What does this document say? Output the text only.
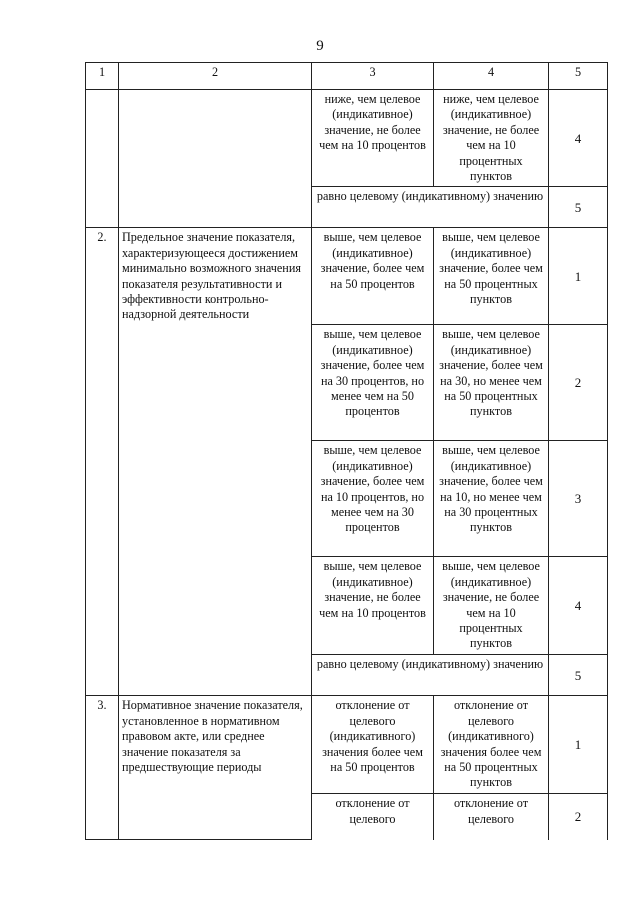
9
1	2	3	4	5
		ниже, чем целевое (индикативное) значение, не более чем на 10 процентов	ниже, чем целевое (индикативное) значение, не более чем на 10 процентных пунктов	4
		равно целевому (индикативному) значению		5
2.	Предельное значение показателя, характеризующееся достижением минимально возможного значения показателя результативности и эффективности контрольно-надзорной деятельности	выше, чем целевое (индикативное) значение, более чем на 50 процентов	выше, чем целевое (индикативное) значение, более чем на 50 процентных пунктов	1
		выше, чем целевое (индикативное) значение, более чем на 30 процентов, но менее чем на 50 процентов	выше, чем целевое (индикативное) значение, более чем на 30, но менее чем на 50 процентных пунктов	2
		выше, чем целевое (индикативное) значение, более чем на 10 процентов, но менее чем на 30 процентов	выше, чем целевое (индикативное) значение, более чем на 10, но менее чем на 30 процентных пунктов	3
		выше, чем целевое (индикативное) значение, не более чем на 10 процентов	выше, чем целевое (индикативное) значение, не более чем на 10 процентных пунктов	4
		равно целевому (индикативному) значению		5
3.	Нормативное значение показателя, установленное в нормативном правовом акте, или среднее значение показателя за предшествующие периоды	отклонение от целевого (индикативного) значения более чем на 50 процентов	отклонение от целевого (индикативного) значения более чем на 50 процентных пунктов	1
		отклонение от целевого	отклонение от целевого	2
